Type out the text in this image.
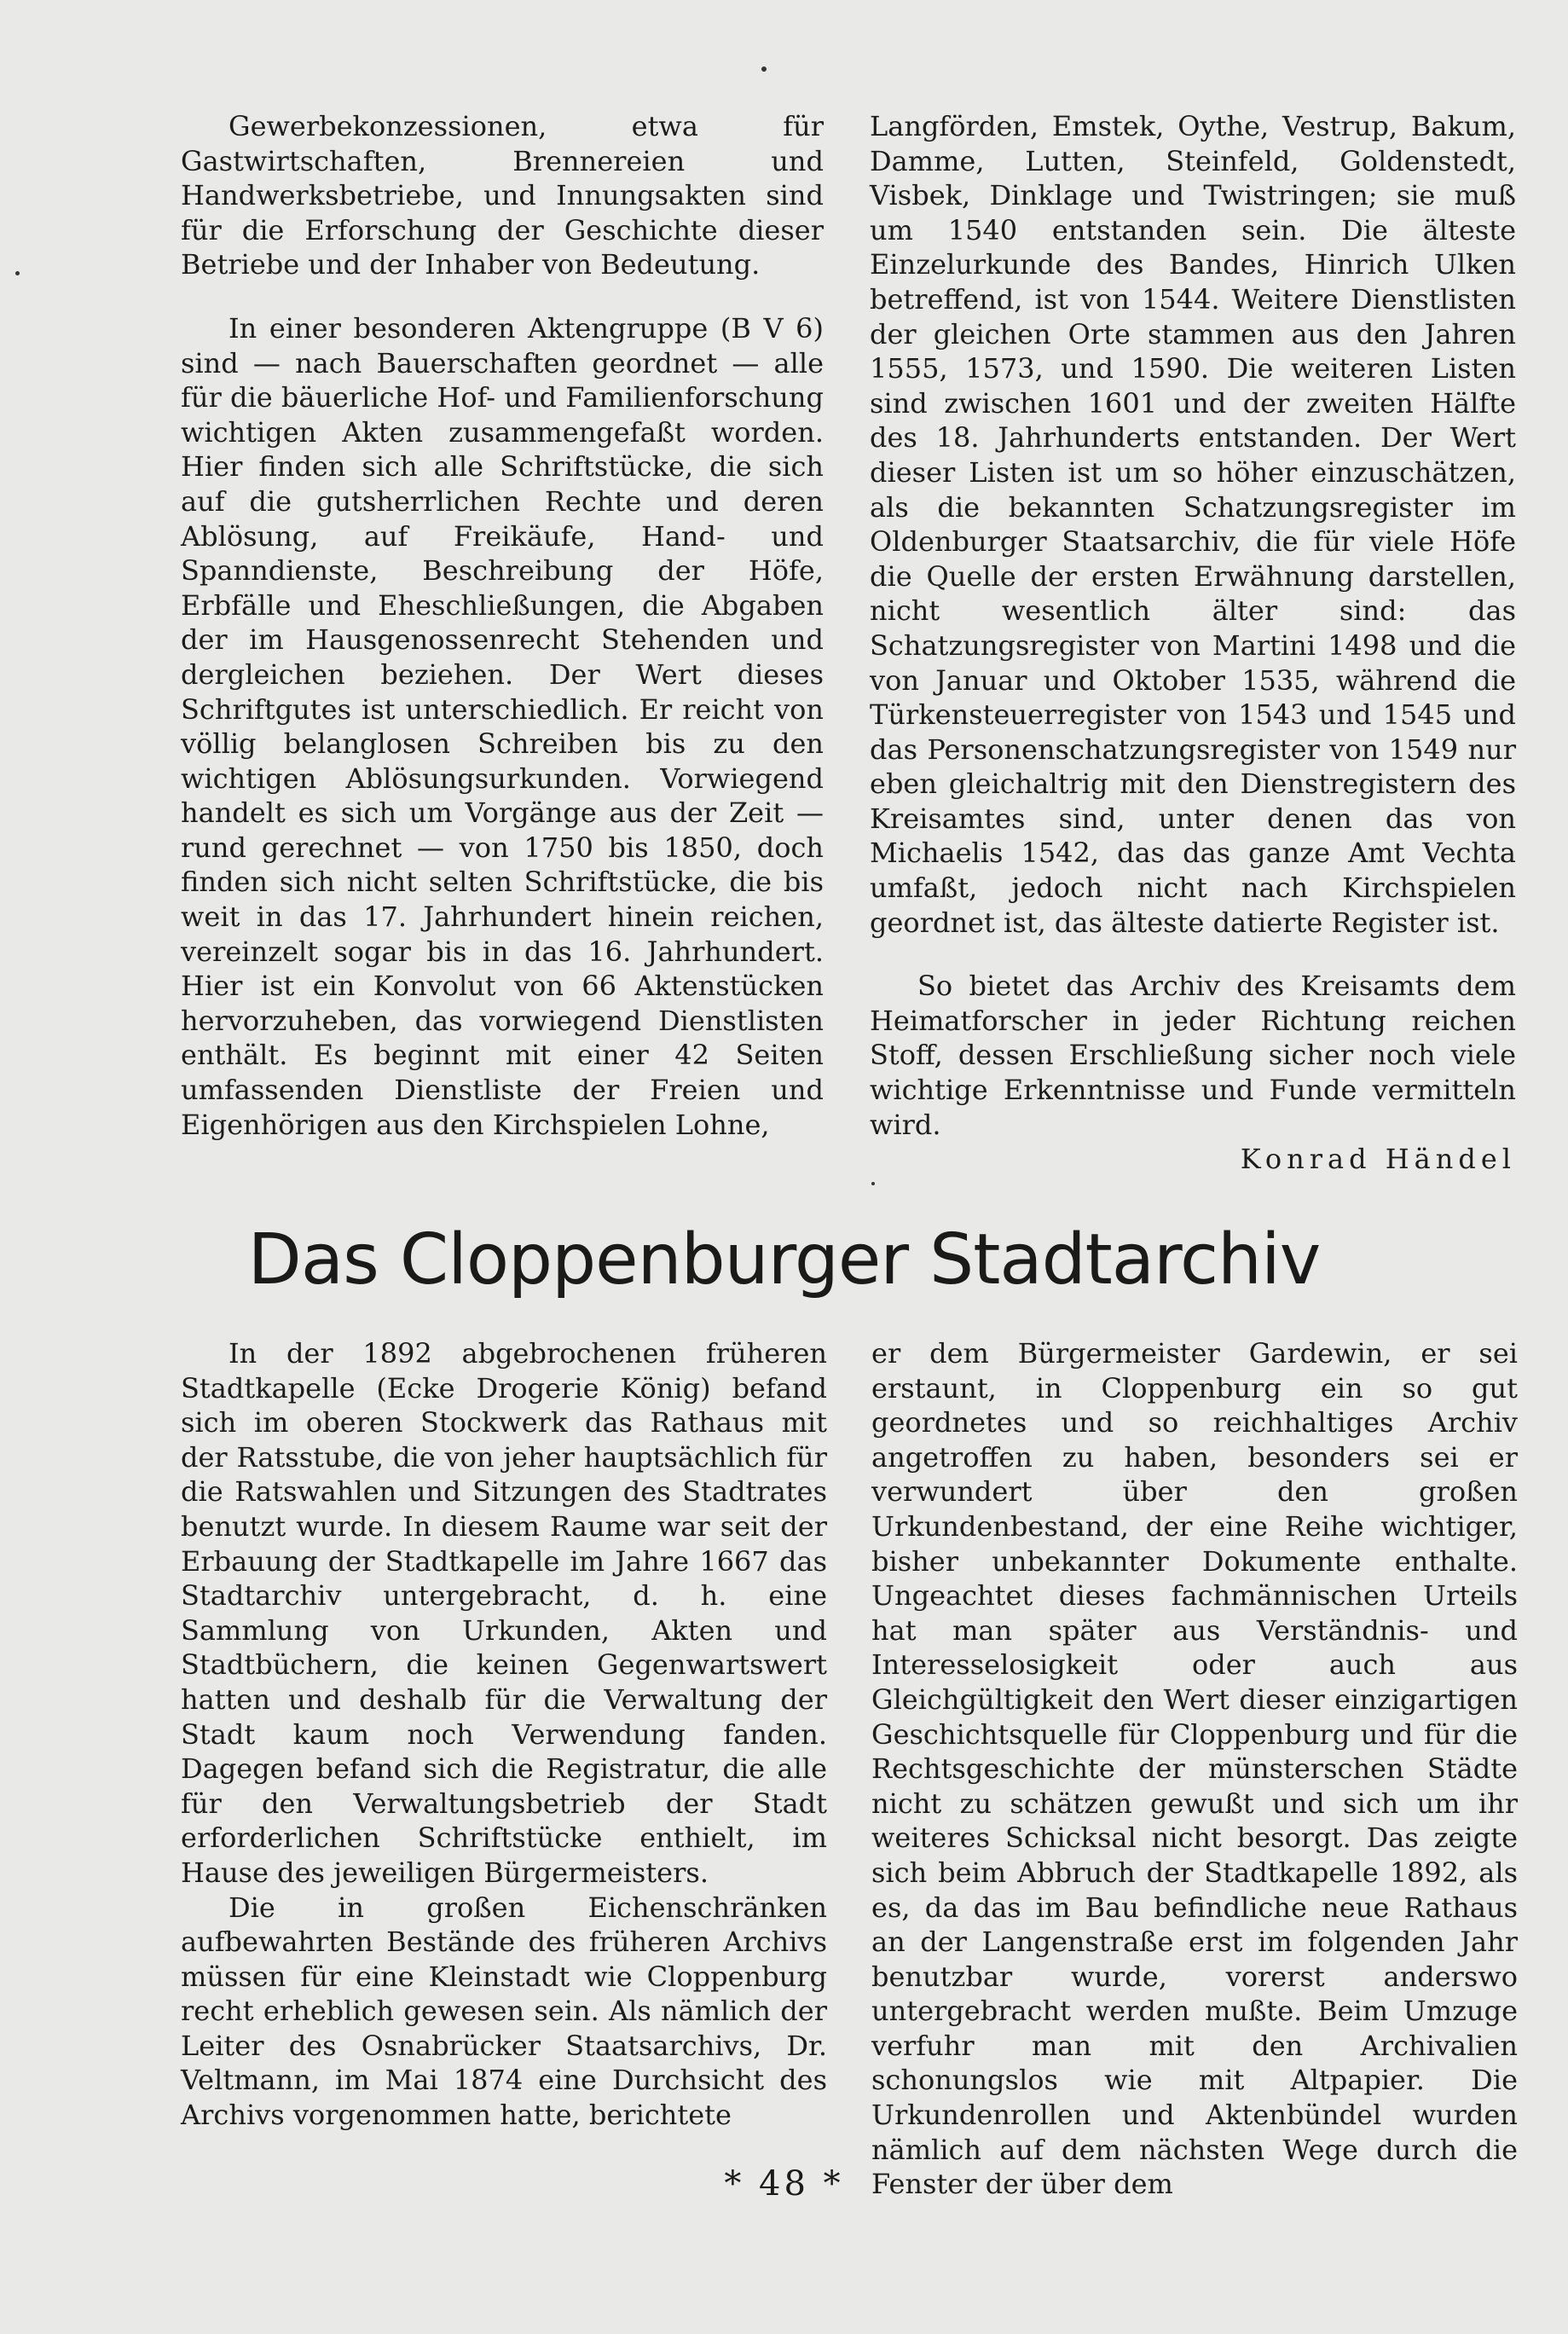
Gewerbekonzessionen, etwa für Gastwirtschaften, Brennereien und Handwerksbetriebe, und Innungsakten sind für die Erforschung der Geschichte dieser Betriebe und der Inhaber von Bedeutung.

In einer besonderen Aktengruppe (B V 6) sind — nach Bauerschaften geordnet — alle für die bäuerliche Hof- und Familienforschung wichtigen Akten zusammengefaßt worden. Hier finden sich alle Schriftstücke, die sich auf die gutsherrlichen Rechte und deren Ablösung, auf Freikäufe, Hand- und Spanndienste, Beschreibung der Höfe, Erbfälle und Eheschließungen, die Abgaben der im Hausgenossenrecht Stehenden und dergleichen beziehen. Der Wert dieses Schriftgutes ist unterschiedlich. Er reicht von völlig belanglosen Schreiben bis zu den wichtigen Ablösungsurkunden. Vorwiegend handelt es sich um Vorgänge aus der Zeit — rund gerechnet — von 1750 bis 1850, doch finden sich nicht selten Schriftstücke, die bis weit in das 17. Jahrhundert hinein reichen, vereinzelt sogar bis in das 16. Jahrhundert. Hier ist ein Konvolut von 66 Aktenstücken hervorzuheben, das vorwiegend Dienstlisten enthält. Es beginnt mit einer 42 Seiten umfassenden Dienstliste der Freien und Eigenhörigen aus den Kirchspielen Lohne,

Langförden, Emstek, Oythe, Vestrup, Bakum, Damme, Lutten, Steinfeld, Goldenstedt, Visbek, Dinklage und Twistringen; sie muß um 1540 entstanden sein. Die älteste Einzelurkunde des Bandes, Hinrich Ulken betreffend, ist von 1544. Weitere Dienstlisten der gleichen Orte stammen aus den Jahren 1555, 1573, und 1590. Die weiteren Listen sind zwischen 1601 und der zweiten Hälfte des 18. Jahrhunderts entstanden. Der Wert dieser Listen ist um so höher einzuschätzen, als die bekannten Schatzungsregister im Oldenburger Staatsarchiv, die für viele Höfe die Quelle der ersten Erwähnung darstellen, nicht wesentlich älter sind: das Schatzungsregister von Martini 1498 und die von Januar und Oktober 1535, während die Türkensteuerregister von 1543 und 1545 und das Personenschatzungsregister von 1549 nur eben gleichaltrig mit den Dienstregistern des Kreisamtes sind, unter denen das von Michaelis 1542, das das ganze Amt Vechta umfaßt, jedoch nicht nach Kirchspielen geordnet ist, das älteste datierte Register ist.

So bietet das Archiv des Kreisamts dem Heimatforscher in jeder Richtung reichen Stoff, dessen Erschließung sicher noch viele wichtige Erkenntnisse und Funde vermitteln wird.

Konrad Händel

Das Cloppenburger Stadtarchiv

In der 1892 abgebrochenen früheren Stadtkapelle (Ecke Drogerie König) befand sich im oberen Stockwerk das Rathaus mit der Ratsstube, die von jeher hauptsächlich für die Ratswahlen und Sitzungen des Stadtrates benutzt wurde. In diesem Raume war seit der Erbauung der Stadtkapelle im Jahre 1667 das Stadtarchiv untergebracht, d. h. eine Sammlung von Urkunden, Akten und Stadtbüchern, die keinen Gegenwartswert hatten und deshalb für die Verwaltung der Stadt kaum noch Verwendung fanden. Dagegen befand sich die Registratur, die alle für den Verwaltungsbetrieb der Stadt erforderlichen Schriftstücke enthielt, im Hause des jeweiligen Bürgermeisters.

Die in großen Eichenschränken aufbewahrten Bestände des früheren Archivs müssen für eine Kleinstadt wie Cloppenburg recht erheblich gewesen sein. Als nämlich der Leiter des Osnabrücker Staatsarchivs, Dr. Veltmann, im Mai 1874 eine Durchsicht des Archivs vorgenommen hatte, berichtete

er dem Bürgermeister Gardewin, er sei erstaunt, in Cloppenburg ein so gut geordnetes und so reichhaltiges Archiv angetroffen zu haben, besonders sei er verwundert über den großen Urkundenbestand, der eine Reihe wichtiger, bisher unbekannter Dokumente enthalte. Ungeachtet dieses fachmännischen Urteils hat man später aus Verständnis- und Interesselosigkeit oder auch aus Gleichgültigkeit den Wert dieser einzigartigen Geschichtsquelle für Cloppenburg und für die Rechtsgeschichte der münsterschen Städte nicht zu schätzen gewußt und sich um ihr weiteres Schicksal nicht besorgt. Das zeigte sich beim Abbruch der Stadtkapelle 1892, als es, da das im Bau befindliche neue Rathaus an der Langenstraße erst im folgenden Jahr benutzbar wurde, vorerst anderswo untergebracht werden mußte. Beim Umzuge verfuhr man mit den Archivalien schonungslos wie mit Altpapier. Die Urkundenrollen und Aktenbündel wurden nämlich auf dem nächsten Wege durch die Fenster der über dem

* 48 *
